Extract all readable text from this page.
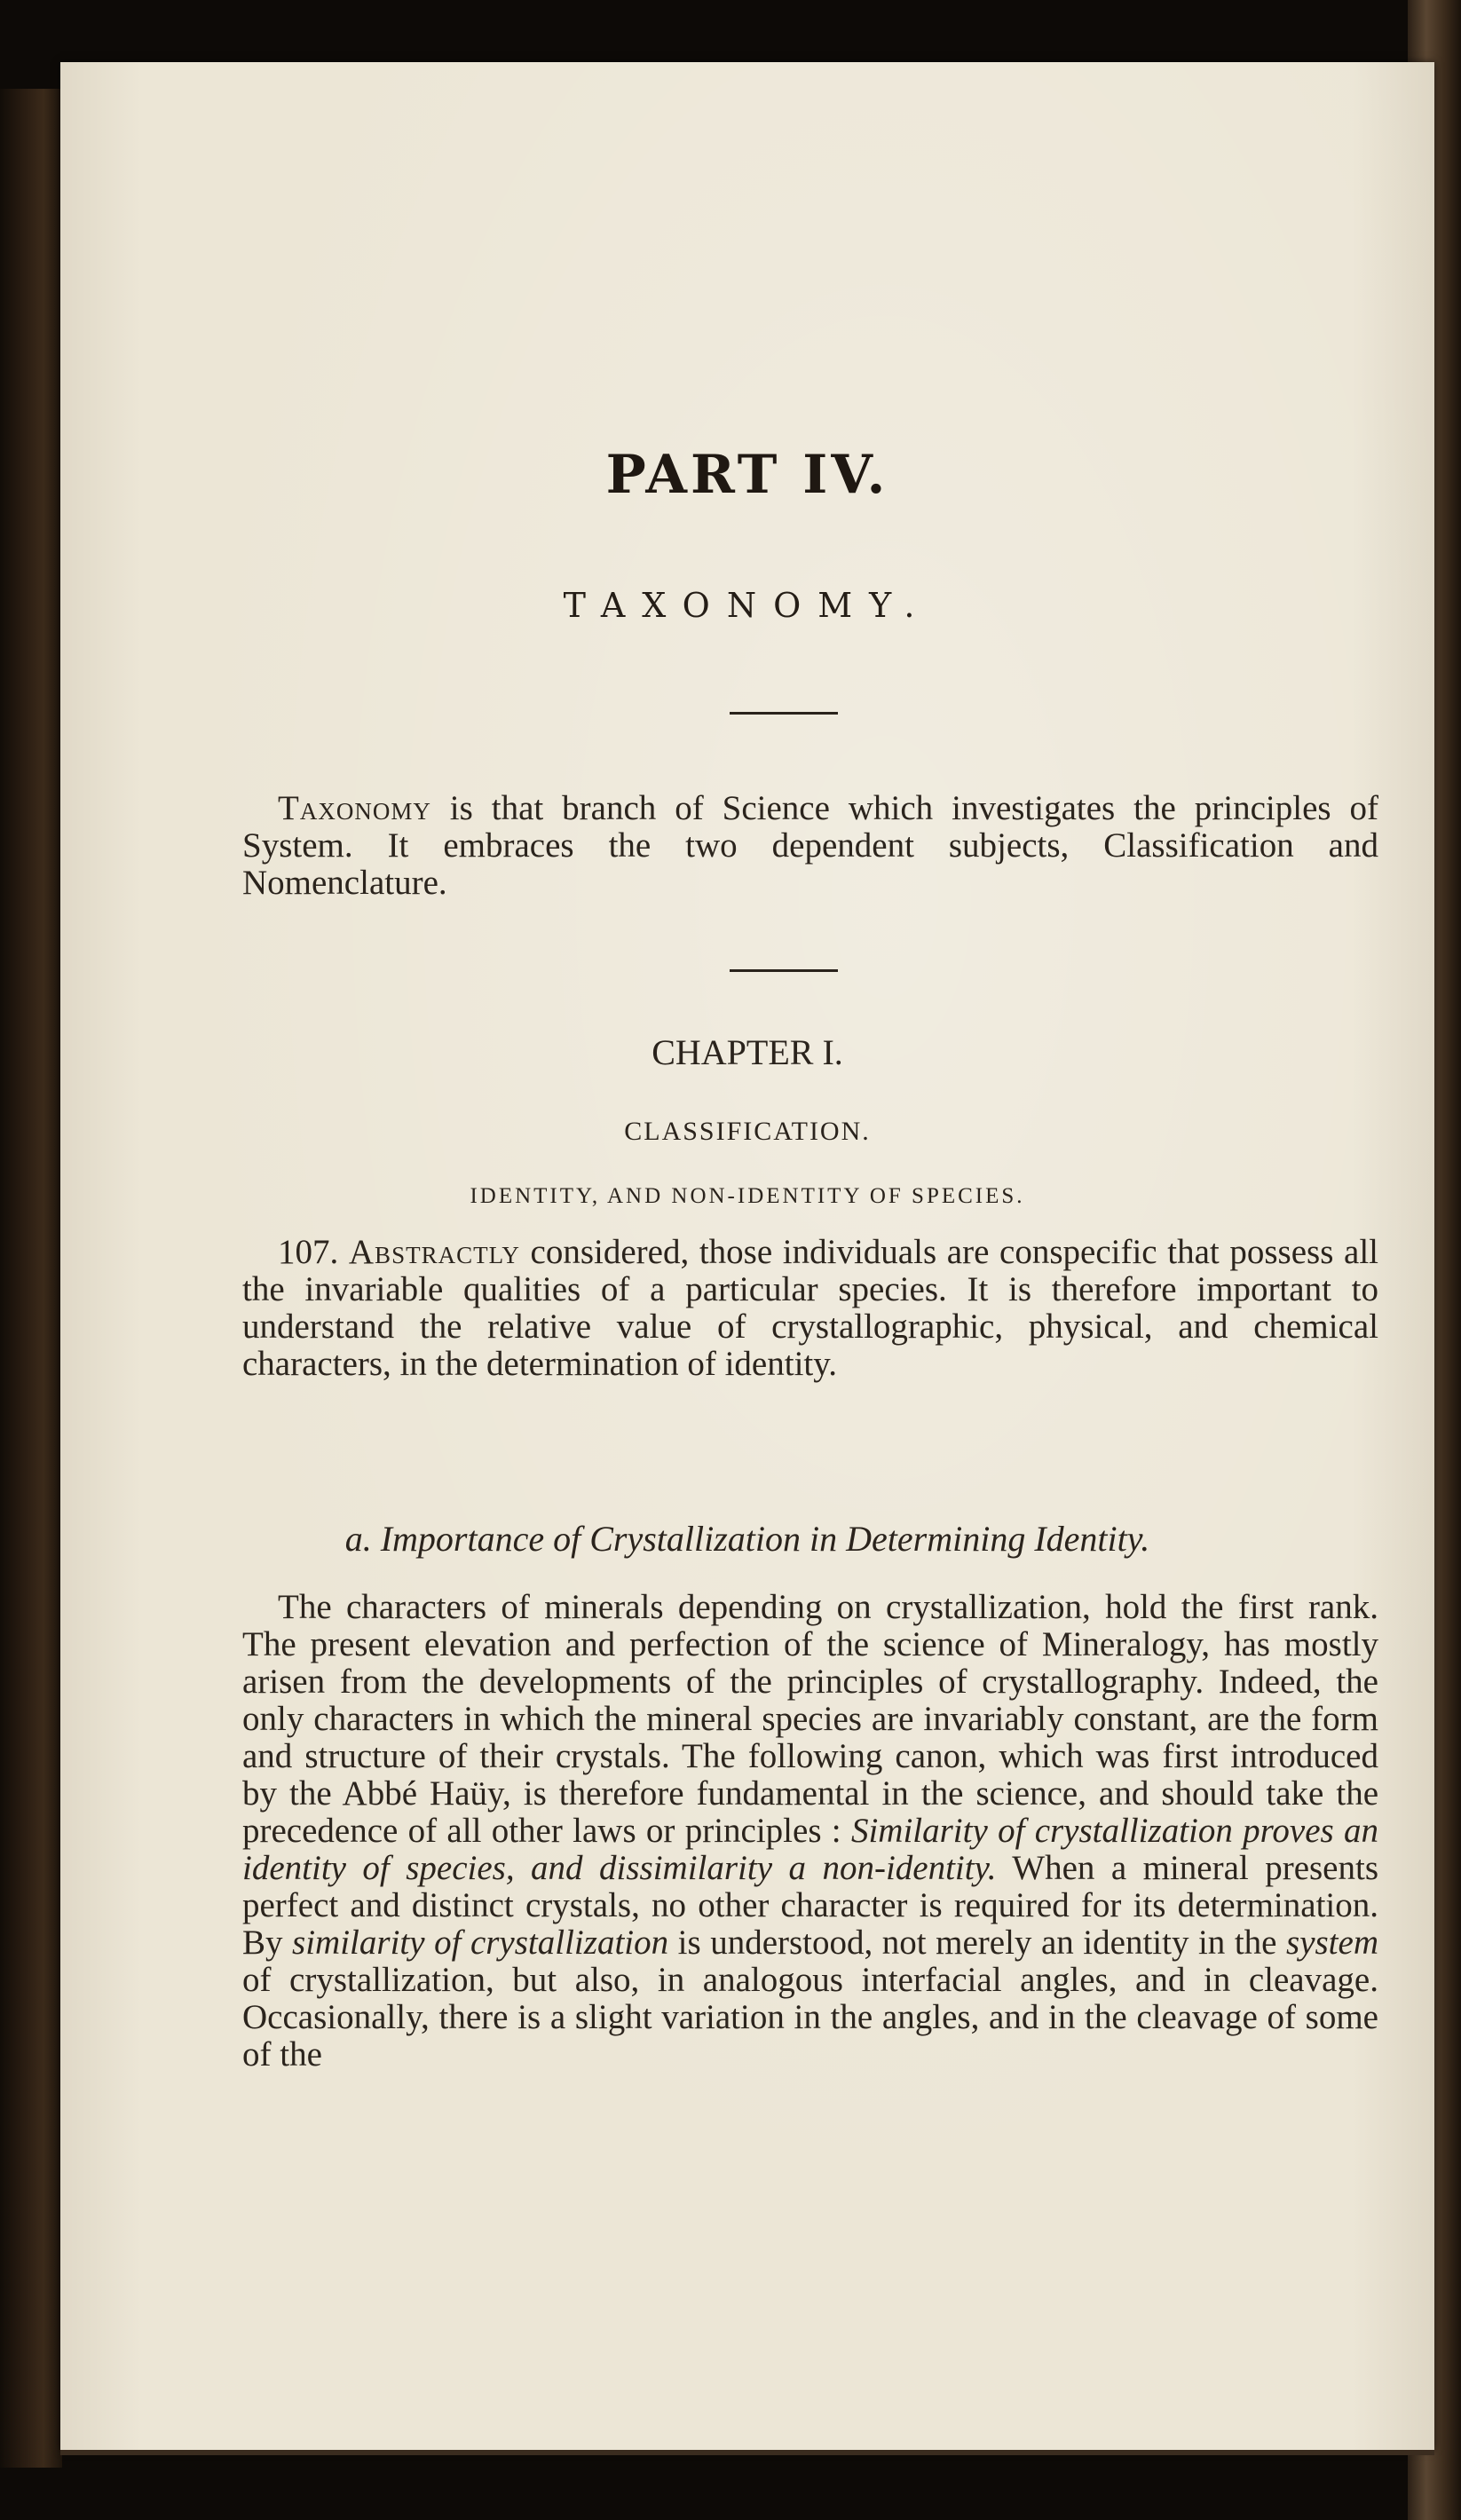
PART IV.
TAXONOMY.
Taxonomy is that branch of Science which investigates the principles of System. It embraces the two dependent subjects, Classification and Nomenclature.
CHAPTER I.
CLASSIFICATION.
IDENTITY, AND NON-IDENTITY OF SPECIES.
107. Abstractly considered, those individuals are conspecific that possess all the invariable qualities of a particular species. It is therefore important to understand the relative value of crystallographic, physical, and chemical characters, in the determination of identity.
a. Importance of Crystallization in Determining Identity.
The characters of minerals depending on crystallization, hold the first rank. The present elevation and perfection of the science of Mineralogy, has mostly arisen from the developments of the principles of crystallography. Indeed, the only characters in which the mineral species are invariably constant, are the form and structure of their crystals. The following canon, which was first introduced by the Abbé Haüy, is therefore fundamental in the science, and should take the precedence of all other laws or principles : Similarity of crystallization proves an identity of species, and dissimilarity a non-identity. When a mineral presents perfect and distinct crystals, no other character is required for its determination. By similarity of crystallization is understood, not merely an identity in the system of crystallization, but also, in analogous interfacial angles, and in cleavage. Occasionally, there is a slight variation in the angles, and in the cleavage of some of the
